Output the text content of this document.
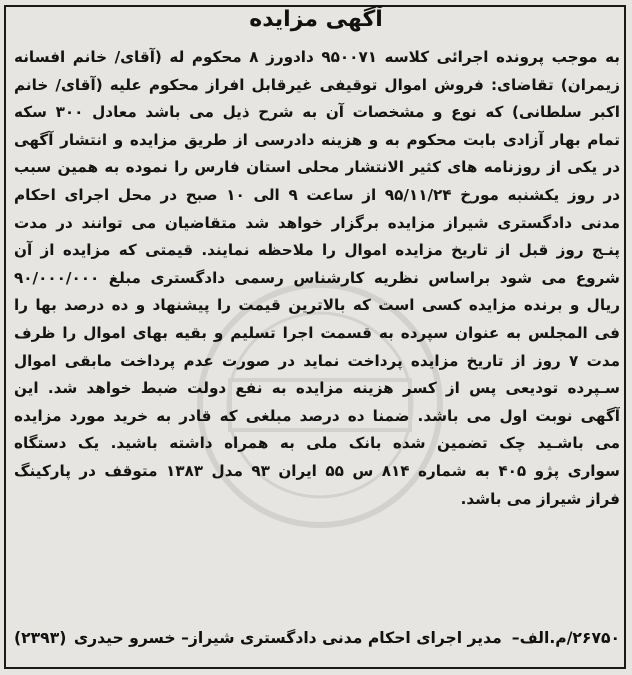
آگهی مزایده
به موجب پرونده اجرائی کلاسه ۹۵۰۰۷۱ دادورز ۸ محکوم له (آقای/ خانم افسانه
زیمران) تقاضای: فروش اموال توقیفی غیرقابل افراز محکوم علیه (آقای/ خانم
اکبر سلطانی) که نوع و مشخصات آن به شرح ذیل می باشد معادل ۳۰۰ سکه
تمام بهار آزادی بابت محکوم به و هزینه دادرسی از طریق مزایده و انتشار آگهی
در یکی از روزنامه های کثیر الانتشار محلی استان فارس را نموده به همین سبب
در روز یکشنبه مورخ ۹۵/۱۱/۲۴ از ساعت ۹ الی ۱۰ صبح در محل اجرای احکام
مدنی دادگستری شیراز مزایده برگزار خواهد شد متقاضیان می توانند در مدت
پنـج روز قبل از تاریخ مزایده اموال را ملاحظه نمایند. قیمتی که مزایده از آن
شروع می شود براساس نظریه کارشناس رسمی دادگستری مبلغ ۹۰/۰۰۰/۰۰۰
ریال و برنده مزایده کسی است که بالاترین قیمت را پیشنهاد و ده درصد بها را
فی المجلس به عنوان سپرده به قسمت اجرا تسلیم و بقیه بهای اموال را ظرف
مدت ۷ روز از تاریخ مزایده پرداخت نماید در صورت عدم پرداخت مابقی اموال
سـپرده تودیعی پس از کسر هزینه مزایده به نفع دولت ضبط خواهد شد. این
آگهی نوبت اول می باشد. ضمنا ده درصد مبلغی که قادر به خرید مورد مزایده
می باشـید چک تضمین شده بانک ملی به همراه داشته باشید. یک دستگاه
سواری پژو ۴۰۵ به شماره ۸۱۴ س ۵۵ ایران ۹۳ مدل ۱۳۸۳ متوقف در پارکینگ
فراز شیراز می باشد.
۲۶۷۵۰/م.الف–
مدیر اجرای احکام مدنی دادگستری شیراز– خسرو حیدری
(۲۳۹۳)
